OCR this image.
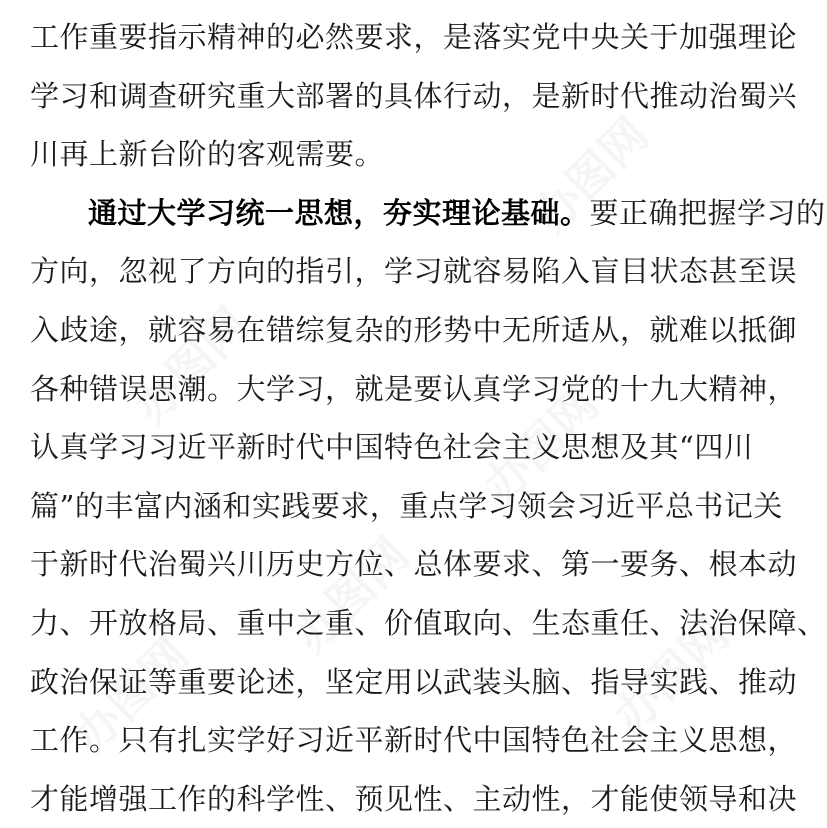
办图网
办图网
办图网
办图网
办图网
办图网
工作重要指示精神的必然要求，是落实党中央关于加强理论
学习和调查研究重大部署的具体行动，是新时代推动治蜀兴
川再上新台阶的客观需要。
通过大学习统一思想，夯实理论基础。要正确把握学习的
方向，忽视了方向的指引，学习就容易陷入盲目状态甚至误
入歧途，就容易在错综复杂的形势中无所适从，就难以抵御
各种错误思潮。大学习，就是要认真学习党的十九大精神，
认真学习习近平新时代中国特色社会主义思想及其“四川
篇”的丰富内涵和实践要求，重点学习领会习近平总书记关
于新时代治蜀兴川历史方位、总体要求、第一要务、根本动
力、开放格局、重中之重、价值取向、生态重任、法治保障、
政治保证等重要论述，坚定用以武装头脑、指导实践、推动
工作。只有扎实学好习近平新时代中国特色社会主义思想，
才能增强工作的科学性、预见性、主动性，才能使领导和决
